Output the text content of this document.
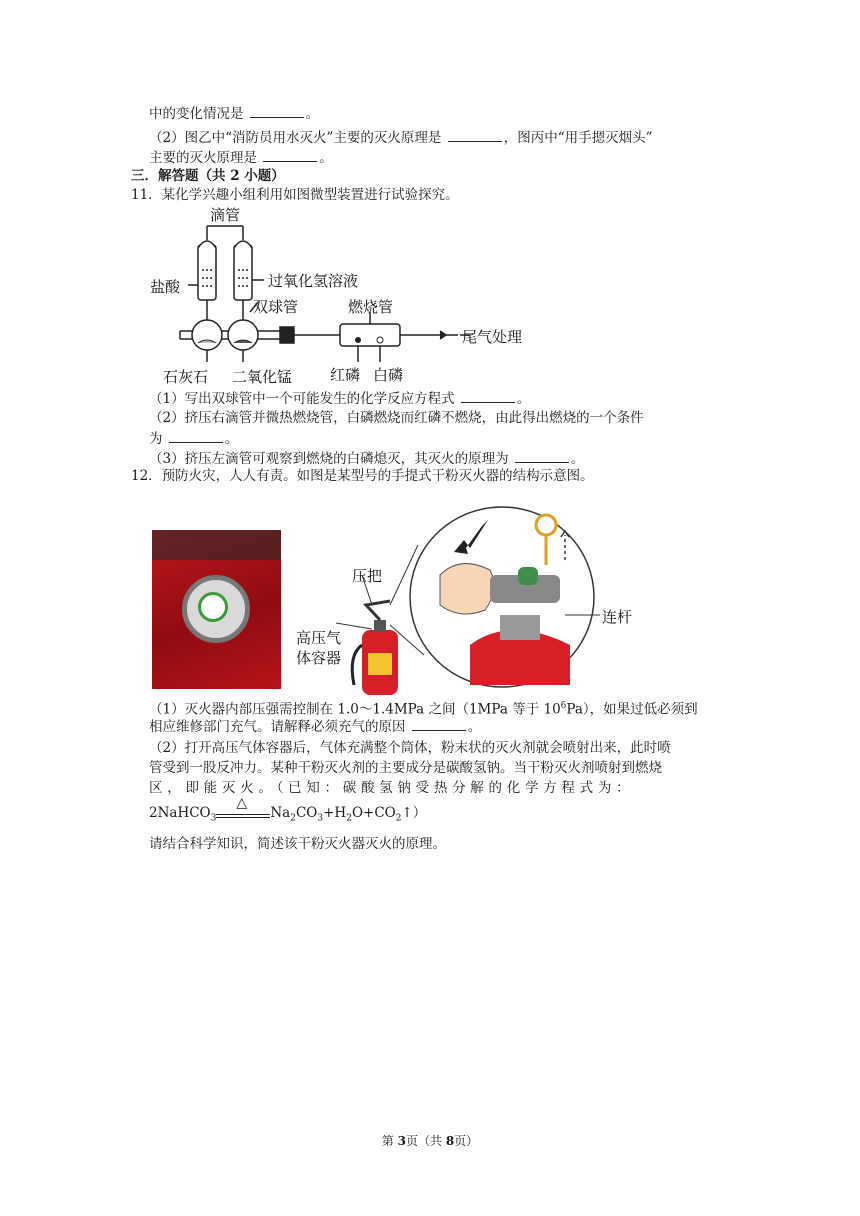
中的变化情况是	。
（2）图乙中“消防员用水灭火”主要的灭火原理是	，图丙中“用手摁灭烟头”
主要的灭火原理是	。
三．解答题（共 2 小题）
11．某化学兴趣小组利用如图微型装置进行试验探究。
滴管
盐酸	过氧化氢溶液
双球管	燃烧管
尾气处理
石灰石 二氧化锰	红磷 白磷
（1）写出双球管中一个可能发生的化学反应方程式	。
（2）挤压右滴管并微热燃烧管，白磷燃烧而红磷不燃烧，由此得出燃烧的一个条件
为	。
（3）挤压左滴管可观察到燃烧的白磷熄灭，其灭火的原理为	。
12．预防火灾，人人有责。如图是某型号的手提式干粉灭火器的结构示意图。
压把
高压气
体容器
连杆
（1）灭火器内部压强需控制在 1.0～1.4MPa 之间（1MPa 等于 $10^6Pa$），如果过低必须到
相应维修部门充气。请解释必须充气的原因	。
（2）打开高压气体容器后，气体充满整个筒体，粉末状的灭火剂就会喷射出来，此时喷
管受到一股反冲力。某种干粉灭火剂的主要成分是碳酸氢钠。当干粉灭火剂喷射到燃烧
区，即能灭火。（已知：碳酸氢钠受热分解的化学方程式为：
2NaHCO$_3$
△
$Na_2CO_3+H_2O+CO_2↑$）
请结合科学知识，简述该干粉灭火器灭火的原理。
第 3页（共 8页）
